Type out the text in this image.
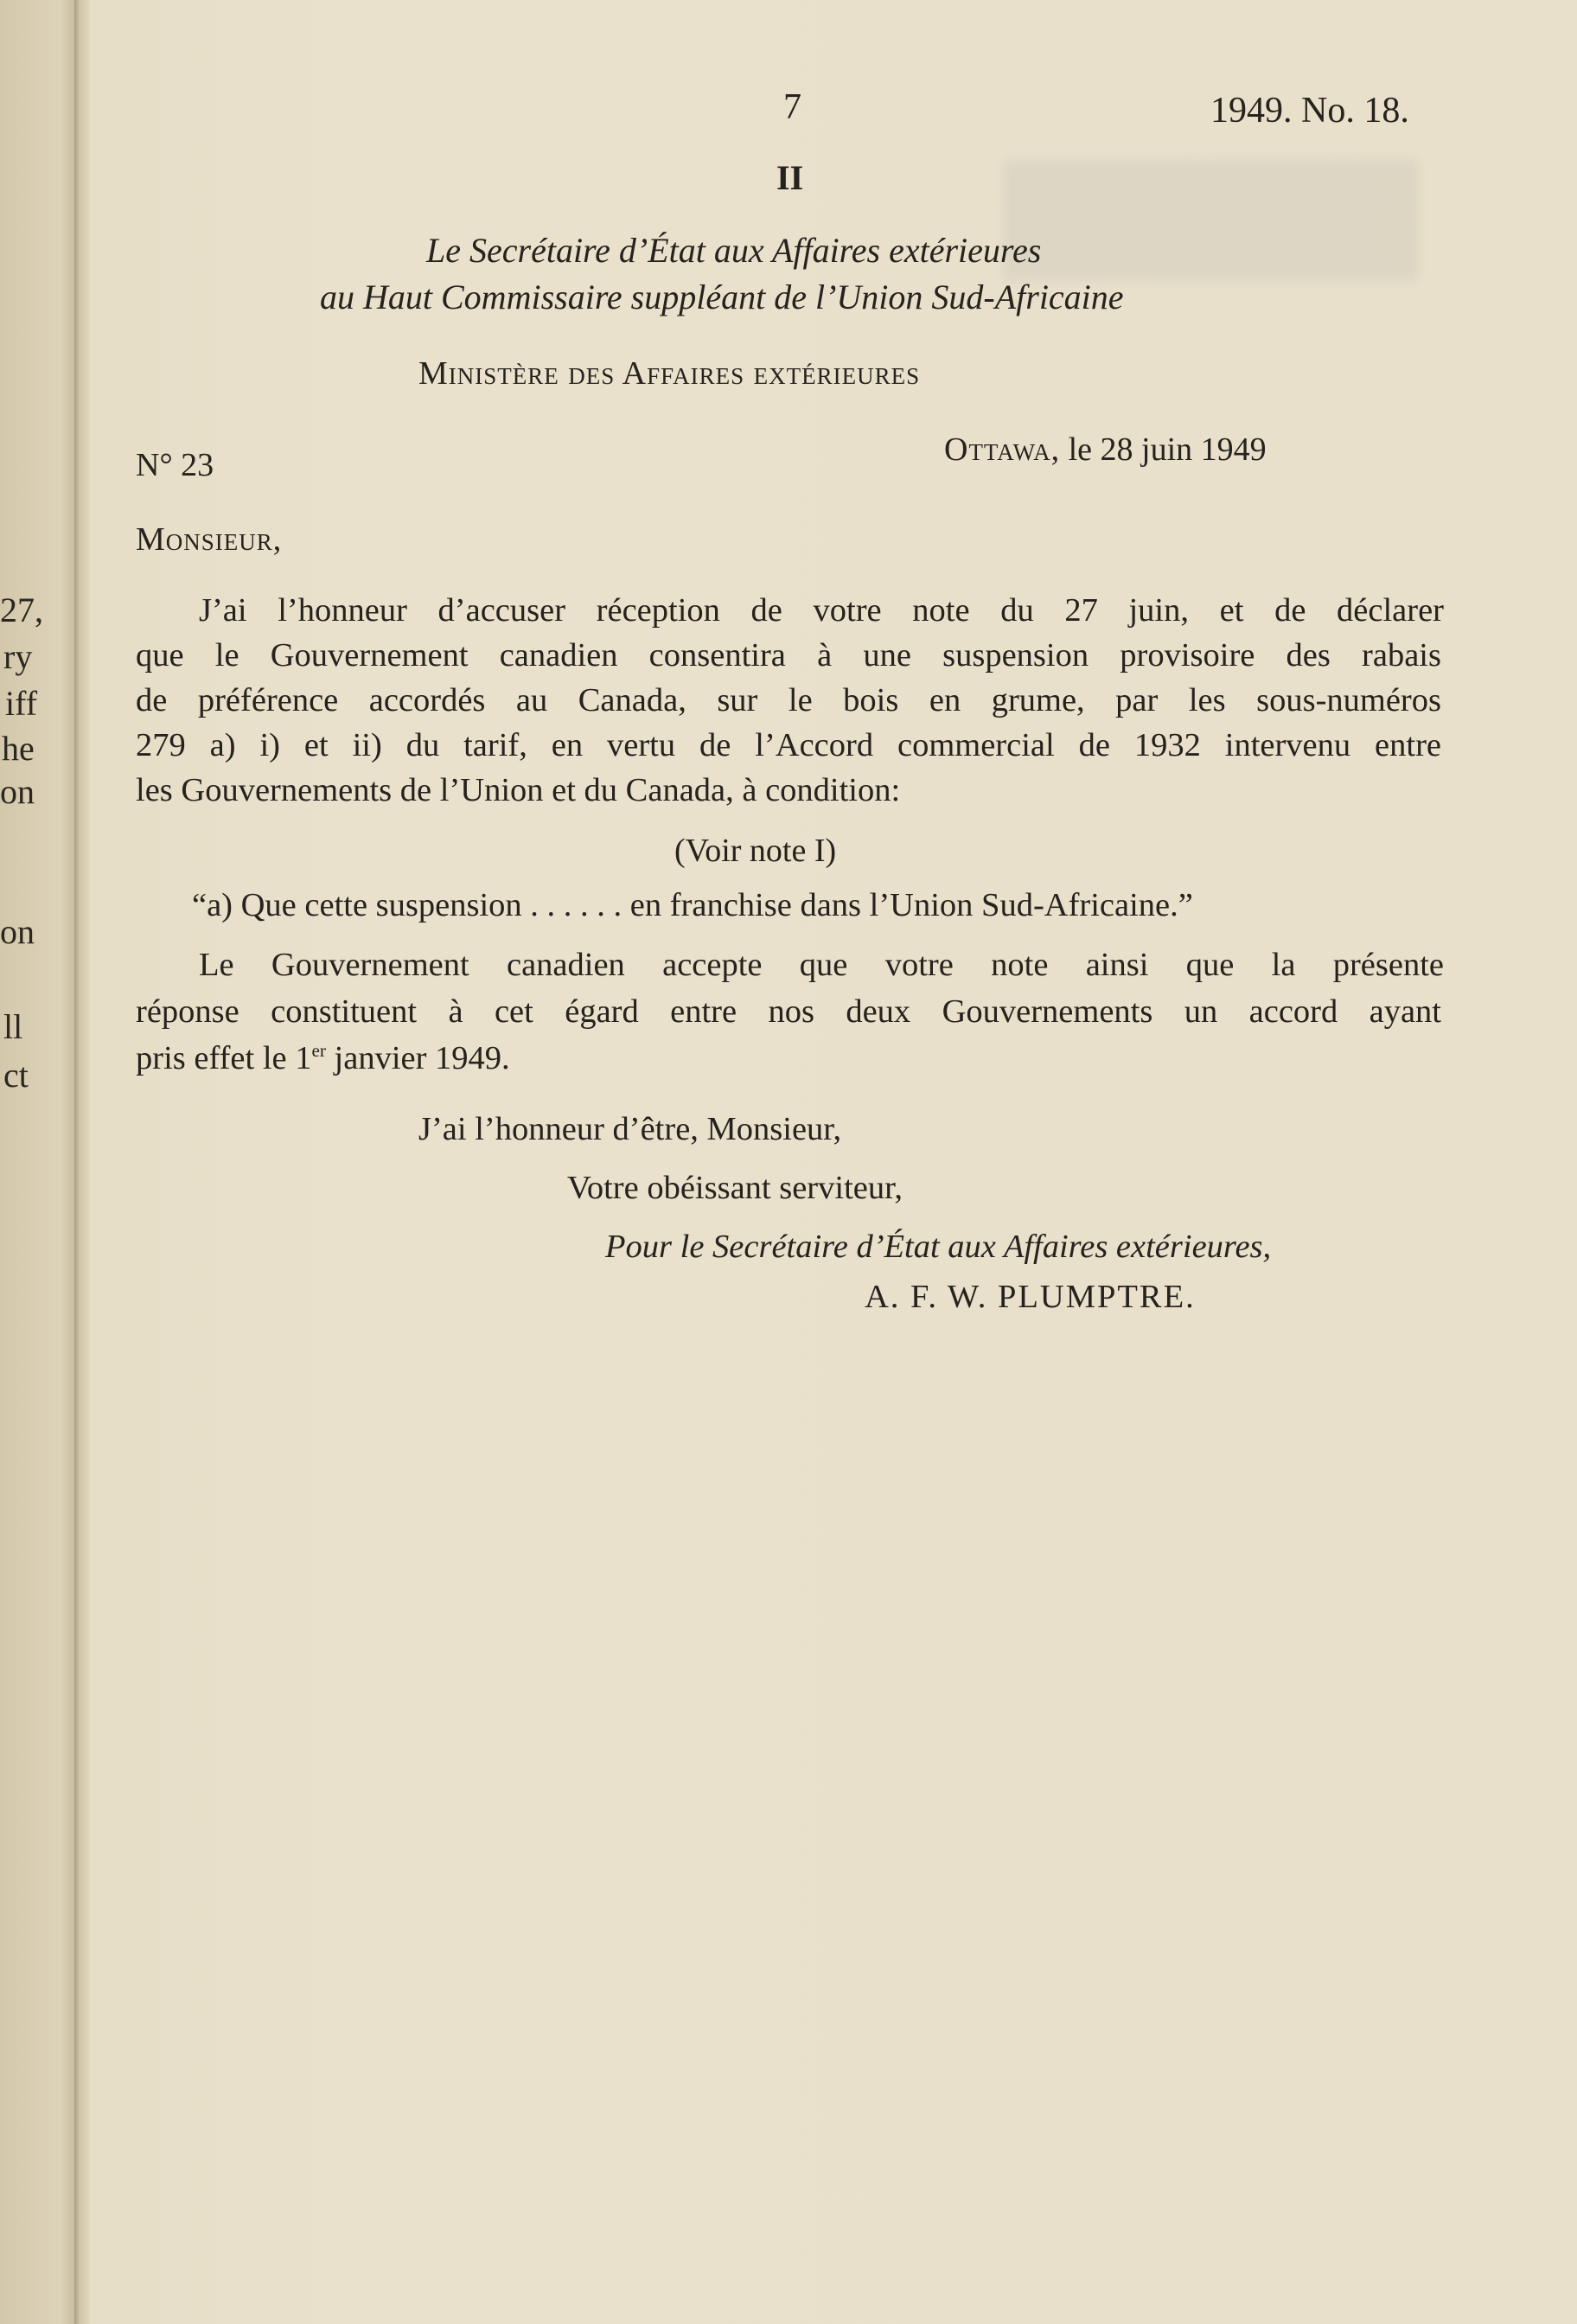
27,
ry
iff
he
on
on
ll
ct
7	1949. No. 18.
II
Le Secrétaire d’État aux Affaires extérieures
au Haut Commissaire suppléant de l’Union Sud-Africaine
Ministère des Affaires extérieures
N° 23	Ottawa, le 28 juin 1949
Monsieur,
J’ai l’honneur d’accuser réception de votre note du 27 juin, et de déclarer
que le Gouvernement canadien consentira à une suspension provisoire des rabais
de préférence accordés au Canada, sur le bois en grume, par les sous-numéros
279 a) i) et ii) du tarif, en vertu de l’Accord commercial de 1932 intervenu entre
les Gouvernements de l’Union et du Canada, à condition:
(Voir note I)
“a) Que cette suspension . . . . . . en franchise dans l’Union Sud-Africaine.”
Le Gouvernement canadien accepte que votre note ainsi que la présente
réponse constituent à cet égard entre nos deux Gouvernements un accord ayant
pris effet le 1er janvier 1949.
J’ai l’honneur d’être, Monsieur,
Votre obéissant serviteur,
Pour le Secrétaire d’État aux Affaires extérieures,
A. F. W. PLUMPTRE.
